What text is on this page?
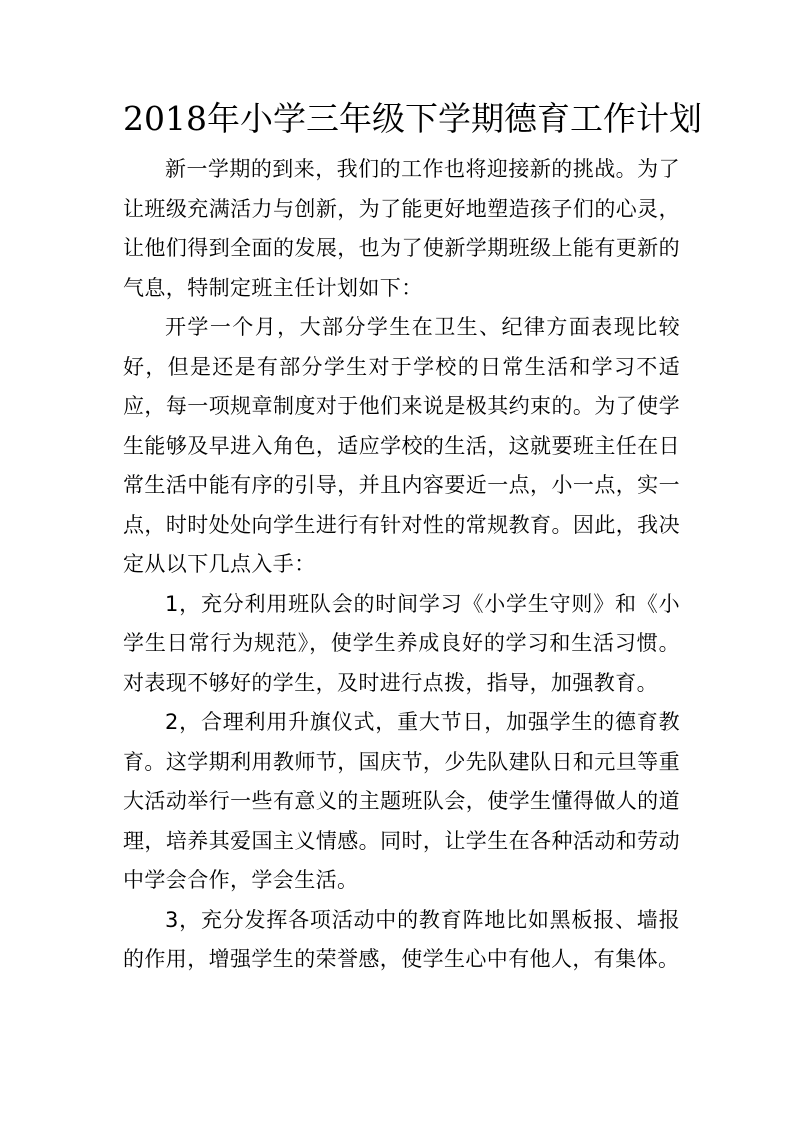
2018年小学三年级下学期德育工作计划

新一学期的到来，我们的工作也将迎接新的挑战。为了让班级充满活力与创新，为了能更好地塑造孩子们的心灵，让他们得到全面的发展，也为了使新学期班级上能有更新的气息，特制定班主任计划如下：

开学一个月，大部分学生在卫生、纪律方面表现比较好，但是还是有部分学生对于学校的日常生活和学习不适应，每一项规章制度对于他们来说是极其约束的。为了使学生能够及早进入角色，适应学校的生活，这就要班主任在日常生活中能有序的引导，并且内容要近一点，小一点，实一点，时时处处向学生进行有针对性的常规教育。因此，我决定从以下几点入手：

1，充分利用班队会的时间学习《小学生守则》和《小学生日常行为规范》，使学生养成良好的学习和生活习惯。对表现不够好的学生，及时进行点拨，指导，加强教育。

2，合理利用升旗仪式，重大节日，加强学生的德育教育。这学期利用教师节，国庆节，少先队建队日和元旦等重大活动举行一些有意义的主题班队会，使学生懂得做人的道理，培养其爱国主义情感。同时，让学生在各种活动和劳动中学会合作，学会生活。

3，充分发挥各项活动中的教育阵地比如黑板报、墙报的作用，增强学生的荣誉感，使学生心中有他人，有集体。
